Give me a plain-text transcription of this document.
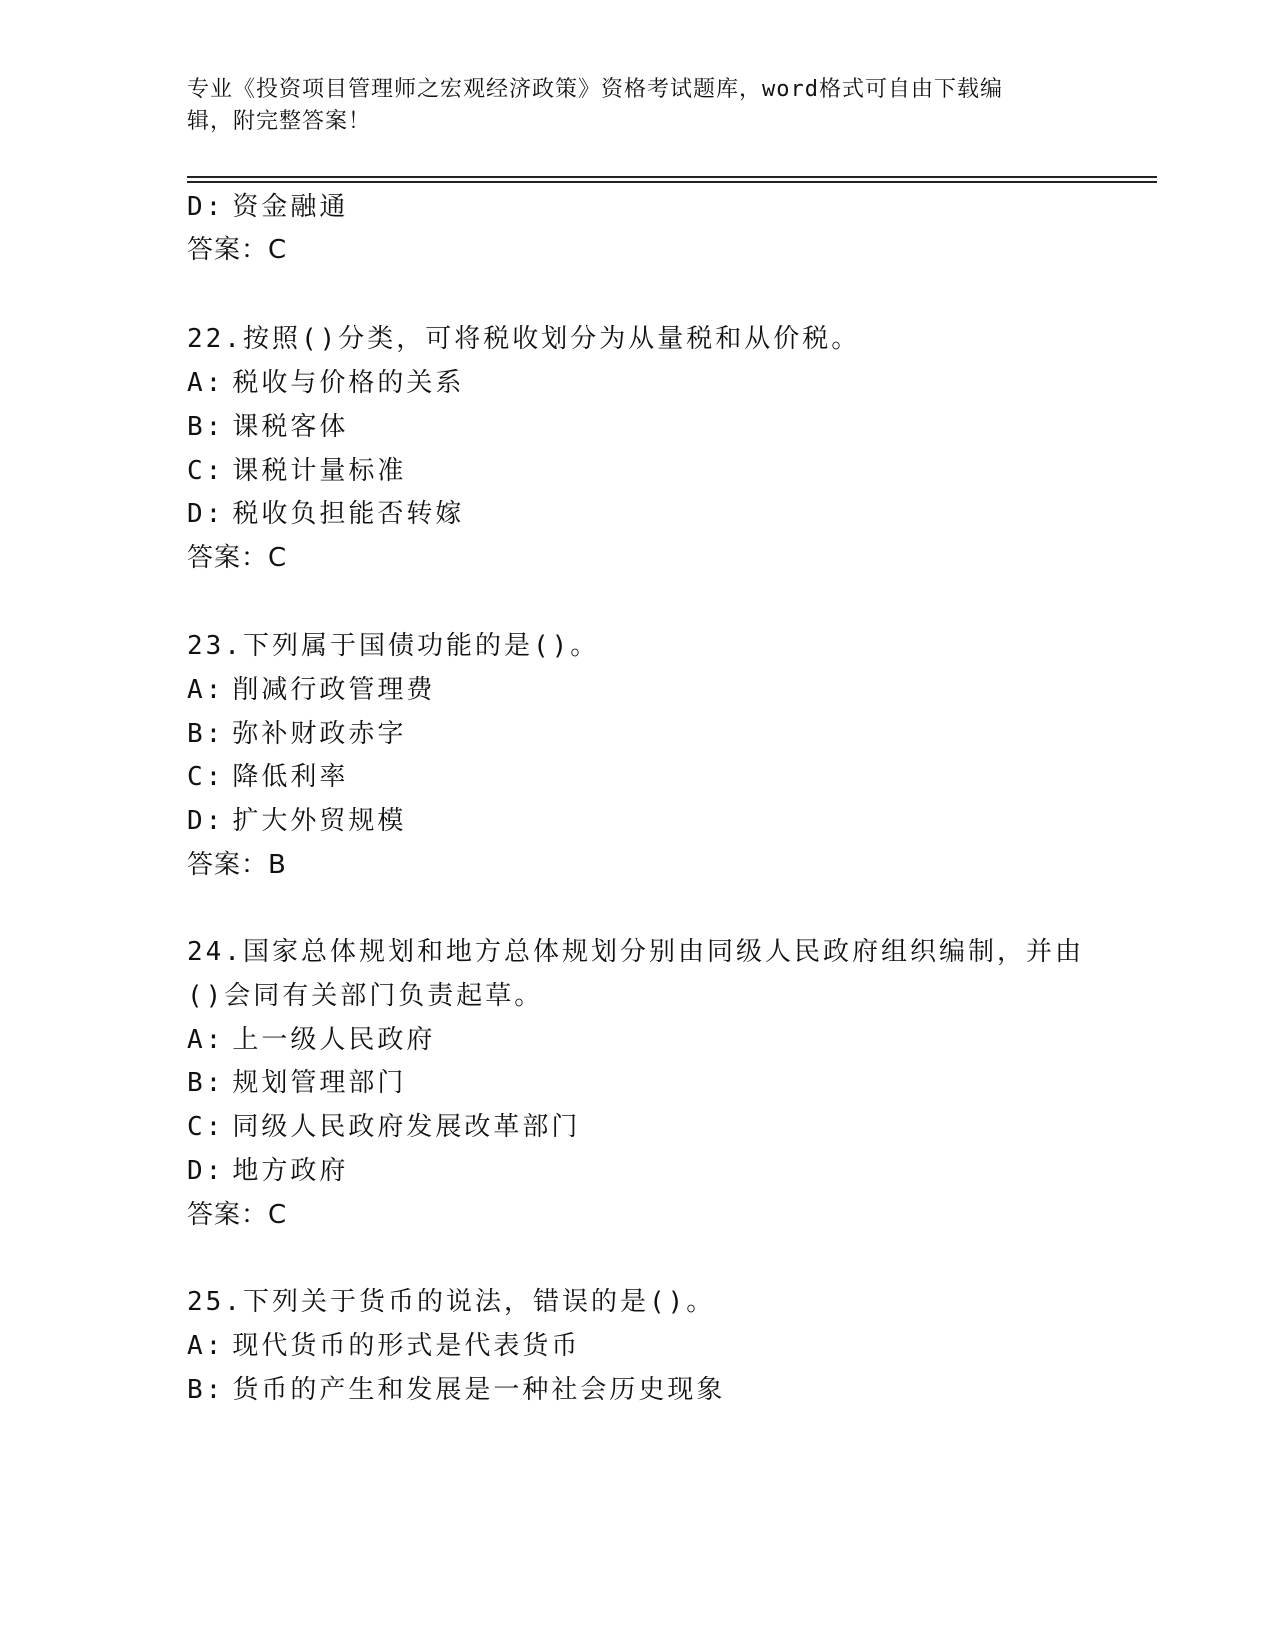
专业《投资项目管理师之宏观经济政策》资格考试题库，word格式可自由下载编
辑，附完整答案！
D: 资金融通
答案：C
22.按照()分类，可将税收划分为从量税和从价税。
A: 税收与价格的关系
B: 课税客体
C: 课税计量标准
D: 税收负担能否转嫁
答案：C
23.下列属于国债功能的是()。
A: 削减行政管理费
B: 弥补财政赤字
C: 降低利率
D: 扩大外贸规模
答案：B
24.国家总体规划和地方总体规划分别由同级人民政府组织编制，并由
()会同有关部门负责起草。
A: 上一级人民政府
B: 规划管理部门
C: 同级人民政府发展改革部门
D: 地方政府
答案：C
25.下列关于货币的说法，错误的是()。
A: 现代货币的形式是代表货币
B: 货币的产生和发展是一种社会历史现象
